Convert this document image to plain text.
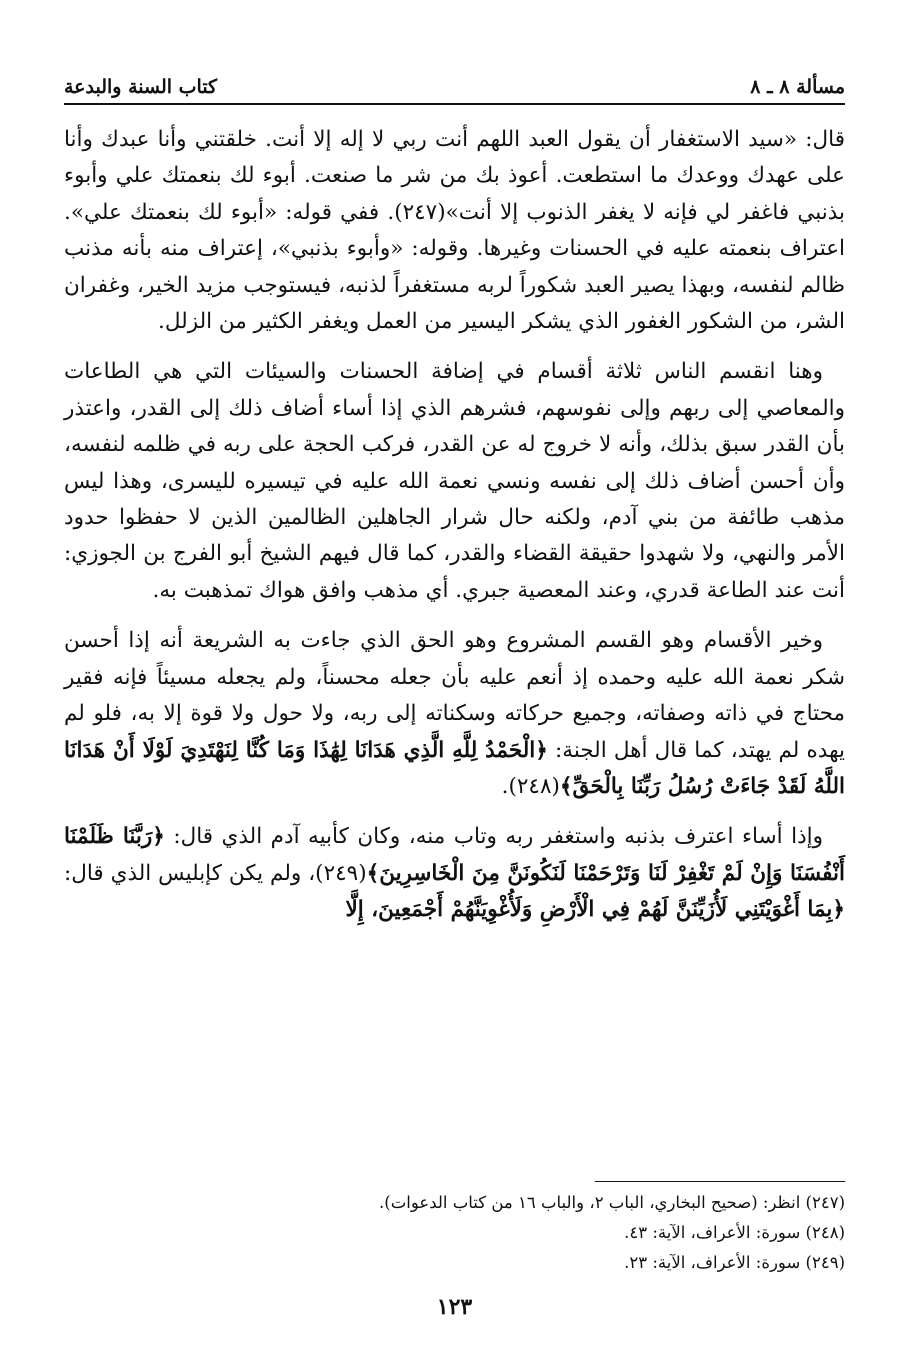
مسألة ٨ ـ ٨
كتاب السنة والبدعة

قال: «سيد الاستغفار أن يقول العبد اللهم أنت ربي لا إله إلا أنت. خلقتني وأنا عبدك وأنا على عهدك ووعدك ما استطعت. أعوذ بك من شر ما صنعت. أبوء لك بنعمتك علي وأبوء بذنبي فاغفر لي فإنه لا يغفر الذنوب إلا أنت»(٢٤٧). ففي قوله: «أبوء لك بنعمتك علي». اعتراف بنعمته عليه في الحسنات وغيرها. وقوله: «وأبوء بذنبي»، إعتراف منه بأنه مذنب ظالم لنفسه، وبهذا يصير العبد شكوراً لربه مستغفراً لذنبه، فيستوجب مزيد الخير، وغفران الشر، من الشكور الغفور الذي يشكر اليسير من العمل ويغفر الكثير من الزلل.

وهنا انقسم الناس ثلاثة أقسام في إضافة الحسنات والسيئات التي هي الطاعات والمعاصي إلى ربهم وإلى نفوسهم، فشرهم الذي إذا أساء أضاف ذلك إلى القدر، واعتذر بأن القدر سبق بذلك، وأنه لا خروج له عن القدر، فركب الحجة على ربه في ظلمه لنفسه، وأن أحسن أضاف ذلك إلى نفسه ونسي نعمة الله عليه في تيسيره لليسرى، وهذا ليس مذهب طائفة من بني آدم، ولكنه حال شرار الجاهلين الظالمين الذين لا حفظوا حدود الأمر والنهي، ولا شهدوا حقيقة القضاء والقدر، كما قال فيهم الشيخ أبو الفرج بن الجوزي: أنت عند الطاعة قدري، وعند المعصية جبري. أي مذهب وافق هواك تمذهبت به.

وخير الأقسام وهو القسم المشروع وهو الحق الذي جاءت به الشريعة أنه إذا أحسن شكر نعمة الله عليه وحمده إذ أنعم عليه بأن جعله محسناً، ولم يجعله مسيئاً فإنه فقير محتاج في ذاته وصفاته، وجميع حركاته وسكناته إلى ربه، ولا حول ولا قوة إلا به، فلو لم يهده لم يهتد، كما قال أهل الجنة: ﴿الْحَمْدُ لِلَّهِ الَّذِي هَدَانَا لِهَٰذَا وَمَا كُنَّا لِنَهْتَدِيَ لَوْلَا أَنْ هَدَانَا اللَّهُ لَقَدْ جَاءَتْ رُسُلُ رَبِّنَا بِالْحَقِّ﴾(٢٤٨).

وإذا أساء اعترف بذنبه واستغفر ربه وتاب منه، وكان كأبيه آدم الذي قال: ﴿رَبَّنَا ظَلَمْنَا أَنْفُسَنَا وَإِنْ لَمْ تَغْفِرْ لَنَا وَتَرْحَمْنَا لَنَكُونَنَّ مِنَ الْخَاسِرِينَ﴾(٢٤٩)، ولم يكن كإبليس الذي قال: ﴿بِمَا أَغْوَيْتَنِي لَأُزَيِّنَنَّ لَهُمْ فِي الْأَرْضِ وَلَأُغْوِيَنَّهُمْ أَجْمَعِينَ، إِلَّا

(٢٤٧) انظر: (صحيح البخاري، الباب ٢، والباب ١٦ من كتاب الدعوات).

(٢٤٨) سورة: الأعراف، الآية: ٤٣.

(٢٤٩) سورة: الأعراف، الآية: ٢٣.

١٢٣
